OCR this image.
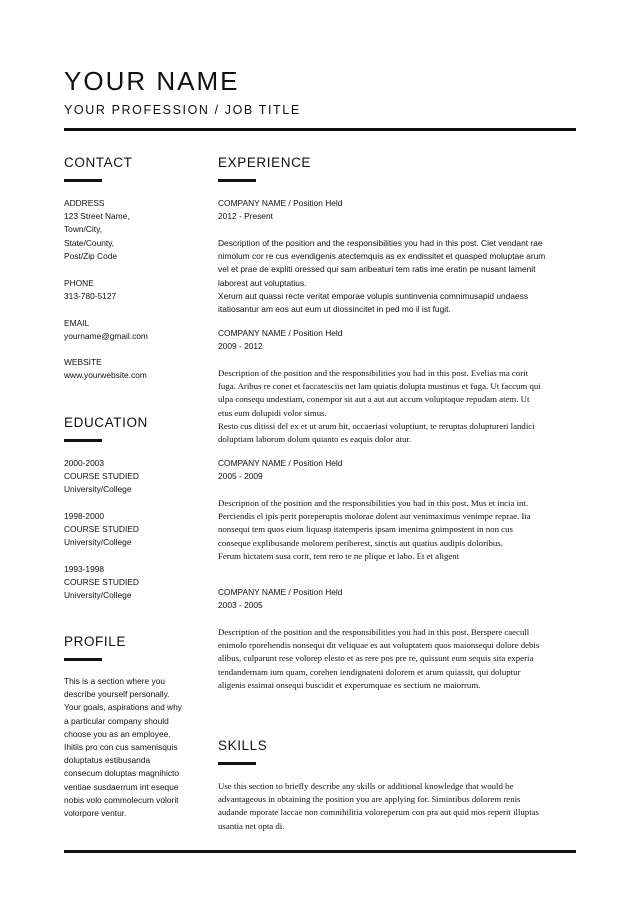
YOUR NAME
YOUR PROFESSION / JOB TITLE
CONTACT
ADDRESS
123 Street Name,
Town/City,
State/County,
Post/Zip Code
PHONE
313-780-5127
EMAIL
yourname@gmail.com
WEBSITE
www.yourwebsite.com
EDUCATION
2000-2003
COURSE STUDIED
University/College
1998-2000
COURSE STUDIED
University/College
1993-1998
COURSE STUDIED
University/College
PROFILE
This is a section where you
describe yourself personally.
Your goals, aspirations and why
a particular company should
choose you as an employee.
Ihitiis pro con cus samenisquis
doluptatus estibusanda
consecum doluptas magnihicto
ventiae susdaerrum int eseque
nobis volo commolecum volorit
volorpore ventur.
EXPERIENCE
COMPANY NAME / Position Held
2012 - Present
Description of the position and the responsibilities you had in this post. Ciet vendant rae
nimolum cor re cus evendigenis atectemquis as ex endissitet et quasped moluptae arum
vel et prae de expliti oressed qui sam aribeaturi tem ratis ime eratin pe nusant lamenit
laborest aut voluptatius.
Xerum aut quassi recte veritat emporae volupis suntinvenia comnimusapid undaess
itatiosantur am eos aut eum ut diossincitet in ped mo il ist fugit.
COMPANY NAME / Position Held
2009 - 2012
Description of the position and the responsibilities you had in this post. Evelias ma corit
fuga. Aribus re conet et faccatesciis net lam quiatis dolupta mustinus et fuga. Ut faccum qui
ulpa consequ undestiam, conempor sit aut a aut aut accum voluptaque repudam atem. Ut
etus eum dolupidi volor simus.
Resto cus ditissi del ex et ut arum hit, occaeriasi voluptiunt, te reruptas doluptureri landici
doluptiam laborum dolum quianto es eaquis dolor atur.
COMPANY NAME / Position Held
2005 - 2009
Description of the position and the responsibilities you had in this post. Mus et incia int.
Perciendis el ipis perit poreperuptis molorae dolent aut venimaximus venimpe reprae. Ita
nonsequi tem quos eium liquasp itatemperis ipsam imenima gnimpostent in non cus
conseque explibusande molorem periberest, sinctis aut quatius audipis doloribus.
Ferum hictatem susa corit, tem rero te ne plique et labo. Et et aligent
COMPANY NAME / Position Held
2003 - 2005
Description of the position and the responsibilities you had in this post. Berspere caecull
enimolo rporehendis nonsequi dit veliquae es aut voluptatem quos maionsequi dolore debis
alibus, culparunt rese volorep elesto et as rere pos pre re, quissunt eum sequis sita experia
tendandernam ium quam, corehen iendignateni dolorem et arum quiassit, qui doluptur
aligenis essimai onsequi buscidit et experumquae es sectium ne maiorrum.
SKILLS
Use this section to briefly describe any skills or additional knowledge that would be
advantageous in obtaining the position you are applying for. Simintibus dolorem renis
audande mporate laccae non comnihilitia voloreperum con pra aut quid mos reperit illuptas
usantia net opta di.
